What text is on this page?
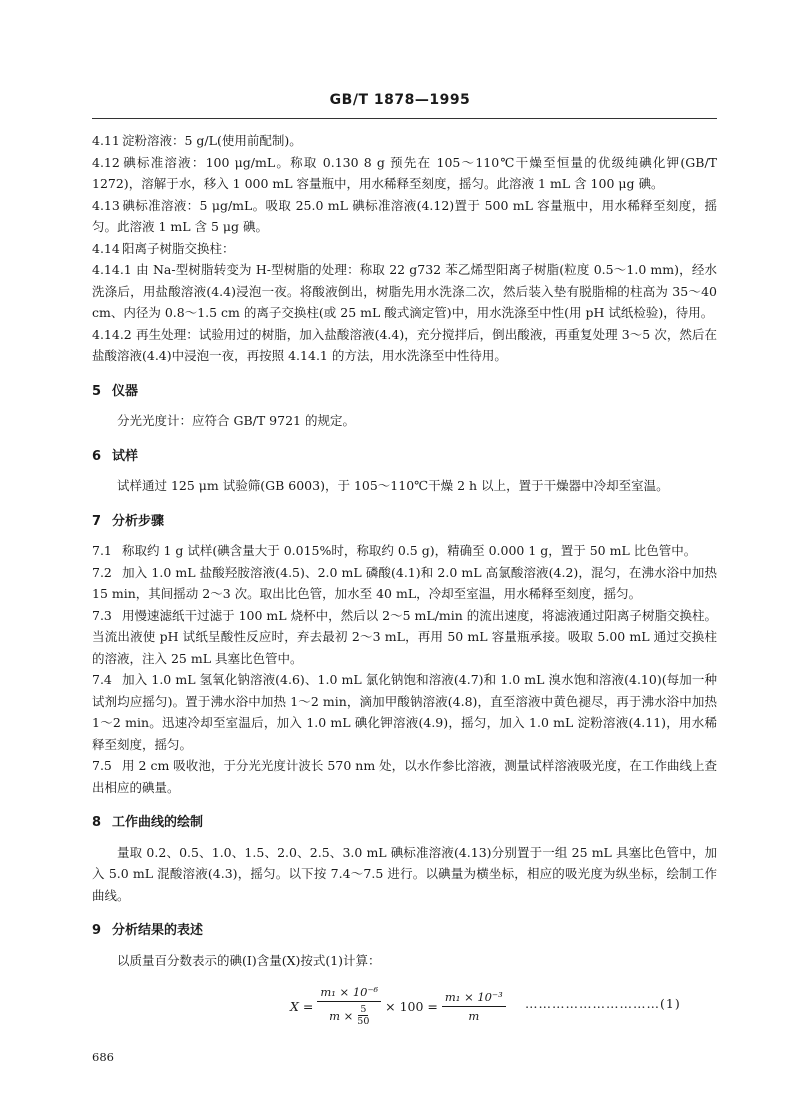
GB/T 1878—1995

4.11 淀粉溶液：5 g/L(使用前配制)。

4.12 碘标准溶液：100 μg/mL。称取 0.130 8 g 预先在 105～110℃干燥至恒量的优级纯碘化钾(GB/T 1272)，溶解于水，移入 1 000 mL 容量瓶中，用水稀释至刻度，摇匀。此溶液 1 mL 含 100 μg 碘。

4.13 碘标准溶液：5 μg/mL。吸取 25.0 mL 碘标准溶液(4.12)置于 500 mL 容量瓶中，用水稀释至刻度，摇匀。此溶液 1 mL 含 5 μg 碘。

4.14 阳离子树脂交换柱：

4.14.1 由 Na-型树脂转变为 H-型树脂的处理：称取 22 g732 苯乙烯型阳离子树脂(粒度 0.5～1.0 mm)，经水洗涤后，用盐酸溶液(4.4)浸泡一夜。将酸液倒出，树脂先用水洗涤二次，然后装入垫有脱脂棉的柱高为 35～40 cm、内径为 0.8～1.5 cm 的离子交换柱(或 25 mL 酸式滴定管)中，用水洗涤至中性(用 pH 试纸检验)，待用。

4.14.2 再生处理：试验用过的树脂，加入盐酸溶液(4.4)，充分搅拌后，倒出酸液，再重复处理 3～5 次，然后在盐酸溶液(4.4)中浸泡一夜，再按照 4.14.1 的方法，用水洗涤至中性待用。

5 仪器

分光光度计：应符合 GB/T 9721 的规定。

6 试样

试样通过 125 μm 试验筛(GB 6003)，于 105～110℃干燥 2 h 以上，置于干燥器中冷却至室温。

7 分析步骤

7.1 称取约 1 g 试样(碘含量大于 0.015%时，称取约 0.5 g)，精确至 0.000 1 g，置于 50 mL 比色管中。

7.2 加入 1.0 mL 盐酸羟胺溶液(4.5)、2.0 mL 磷酸(4.1)和 2.0 mL 高氯酸溶液(4.2)，混匀，在沸水浴中加热 15 min，其间摇动 2～3 次。取出比色管，加水至 40 mL，冷却至室温，用水稀释至刻度，摇匀。

7.3 用慢速滤纸干过滤于 100 mL 烧杯中，然后以 2～5 mL/min 的流出速度，将滤液通过阳离子树脂交换柱。当流出液使 pH 试纸呈酸性反应时，弃去最初 2～3 mL，再用 50 mL 容量瓶承接。吸取 5.00 mL 通过交换柱的溶液，注入 25 mL 具塞比色管中。

7.4 加入 1.0 mL 氢氧化钠溶液(4.6)、1.0 mL 氯化钠饱和溶液(4.7)和 1.0 mL 溴水饱和溶液(4.10)(每加一种试剂均应摇匀)。置于沸水浴中加热 1～2 min，滴加甲酸钠溶液(4.8)，直至溶液中黄色褪尽，再于沸水浴中加热 1～2 min。迅速冷却至室温后，加入 1.0 mL 碘化钾溶液(4.9)，摇匀，加入 1.0 mL 淀粉溶液(4.11)，用水稀释至刻度，摇匀。

7.5 用 2 cm 吸收池，于分光光度计波长 570 nm 处，以水作参比溶液，测量试样溶液吸光度，在工作曲线上查出相应的碘量。

8 工作曲线的绘制

量取 0.2、0.5、1.0、1.5、2.0、2.5、3.0 mL 碘标准溶液(4.13)分别置于一组 25 mL 具塞比色管中，加入 5.0 mL 混酸溶液(4.3)，摇匀。以下按 7.4～7.5 进行。以碘量为横坐标，相应的吸光度为纵坐标，绘制工作曲线。

9 分析结果的表述

以质量百分数表示的碘(I)含量(X)按式(1)计算：

$X = \frac{\text{m₁ × 10⁻⁶}}{m \times \frac{5}{50}} \times 100 = \frac{\text{m₁ × 10⁻³}}{m}$ …………………………(1)
686
